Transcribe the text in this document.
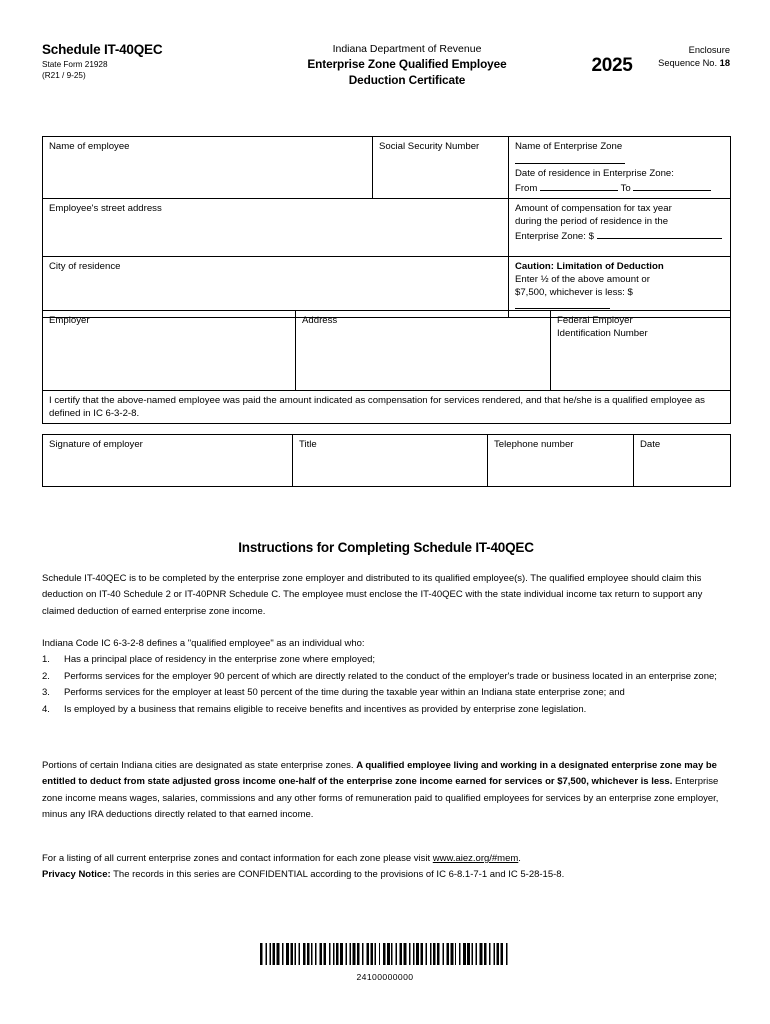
Schedule IT-40QEC
State Form 21928
(R21 / 9-25)
Indiana Department of Revenue
Enterprise Zone Qualified Employee
Deduction Certificate
2025
Enclosure
Sequence No. 18
Name of employee	Social Security Number	Name of Enterprise Zone
Date of residence in Enterprise Zone:
From To

Employee's street address		Amount of compensation for tax year
during the period of residence in the
Enterprise Zone: $

City of residence		Caution: Limitation of Deduction
Enter ½ of the above amount or
$7,500, whichever is less: $
Employer	Address	Federal Employer
Identification Number

I certify that the above-named employee was paid the amount indicated as compensation for services rendered, and that he/she is a qualified employee as defined in IC 6-3-2-8.
Signature of employer	Title	Telephone number	Date
Instructions for Completing Schedule IT-40QEC
Schedule IT-40QEC is to be completed by the enterprise zone employer and distributed to its qualified employee(s). The qualified employee should claim this deduction on IT-40 Schedule 2 or IT-40PNR Schedule C. The employee must enclose the IT-40QEC with the state individual income tax return to support any claimed deduction of earned enterprise zone income.
Indiana Code IC 6-3-2-8 defines a "qualified employee" as an individual who:
1.	Has a principal place of residency in the enterprise zone where employed;
2.	Performs services for the employer 90 percent of which are directly related to the conduct of the employer's trade or business located in an enterprise zone;
3.	Performs services for the employer at least 50 percent of the time during the taxable year within an Indiana state enterprise zone; and
4.	Is employed by a business that remains eligible to receive benefits and incentives as provided by enterprise zone legislation.
Portions of certain Indiana cities are designated as state enterprise zones. A qualified employee living and working in a designated enterprise zone may be entitled to deduct from state adjusted gross income one-half of the enterprise zone income earned for services or $7,500, whichever is less. Enterprise zone income means wages, salaries, commissions and any other forms of remuneration paid to qualified employees for services by an enterprise zone employer, minus any IRA deductions directly related to that earned income.
For a listing of all current enterprise zones and contact information for each zone please visit www.aiez.org/#mem.
Privacy Notice: The records in this series are CONFIDENTIAL according to the provisions of IC 6-8.1-7-1 and IC 5-28-15-8.
24100000000
